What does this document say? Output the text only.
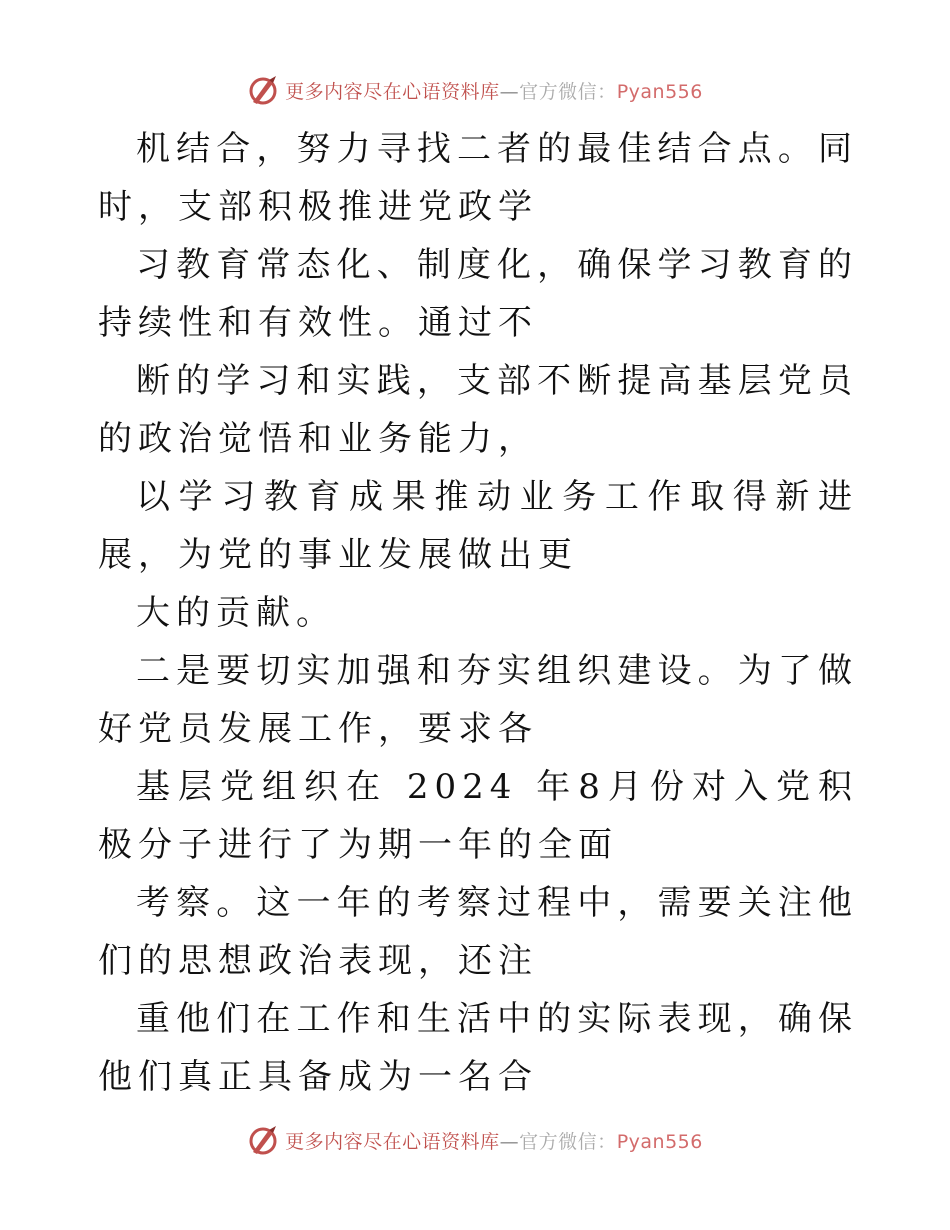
更多内容尽在心语资料库—官方微信：Pyan556

机结合，努力寻找二者的最佳结合点。同时，支部积极推进党政学

习教育常态化、制度化，确保学习教育的持续性和有效性。通过不

断的学习和实践，支部不断提高基层党员的政治觉悟和业务能力，

以学习教育成果推动业务工作取得新进展，为党的事业发展做出更

大的贡献。

二是要切实加强和夯实组织建设。为了做好党员发展工作，要求各

基层党组织在 2024 年8月份对入党积极分子进行了为期一年的全面

考察。这一年的考察过程中，需要关注他们的思想政治表现，还注

重他们在工作和生活中的实际表现，确保他们真正具备成为一名合

更多内容尽在心语资料库—官方微信：Pyan556
